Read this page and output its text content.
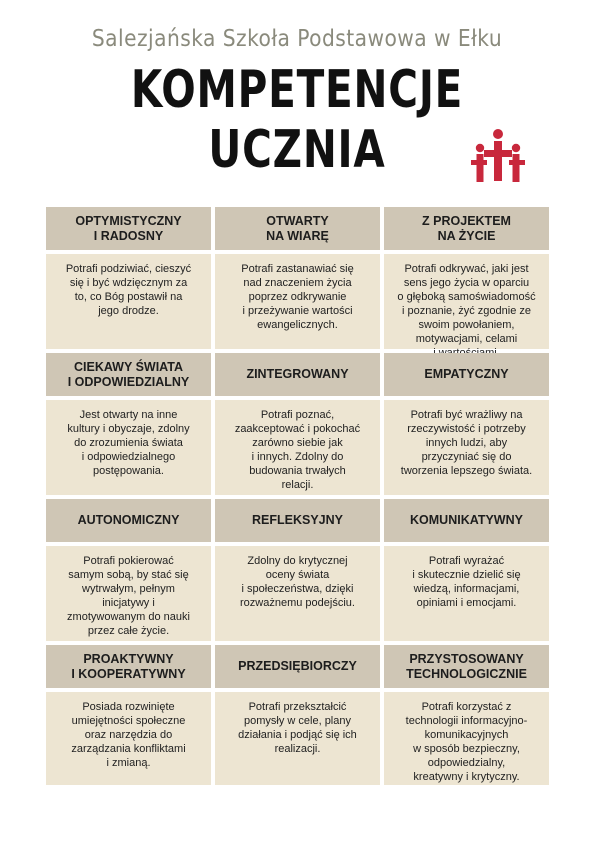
Salezjańska Szkoła Podstawowa w Ełku
KOMPETENCJE UCZNIA
OPTYMISTYCZNY
I RADOSNY
Potrafi podziwiać, cieszyć
się i być wdzięcznym za
to, co Bóg postawił na
jego drodze.
OTWARTY
NA WIARĘ
Potrafi zastanawiać się
nad znaczeniem życia
poprzez odkrywanie
i przeżywanie wartości
ewangelicznych.
Z PROJEKTEM
NA ŻYCIE
Potrafi odkrywać, jaki jest
sens jego życia w oparciu
o głęboką samoświadomość
i poznanie, żyć zgodnie ze
swoim powołaniem,
motywacjami, celami

CIEKAWY ŚWIATA
I ODPOWIEDZIALNY
Jest otwarty na inne
kultury i obyczaje, zdolny
do zrozumienia świata
i odpowiedzialnego
postępowania.
ZINTEGROWANY
Potrafi poznać,
zaakceptować i pokochać
zarówno siebie jak
i innych. Zdolny do
budowania trwałych
relacji.
EMPATYCZNY
Potrafi być wrażliwy na
rzeczywistość i potrzeby
innych ludzi, aby
przyczyniać się do
tworzenia lepszego świata.
AUTONOMICZNY
Potrafi pokierować
samym sobą, by stać się
wytrwałym, pełnym
inicjatywy i
zmotywowanym do nauki
przez całe życie.
REFLEKSYJNY
Zdolny do krytycznej
oceny świata
i społeczeństwa, dzięki
rozważnemu podejściu.
KOMUNIKATYWNY
Potrafi wyrażać
i skutecznie dzielić się
wiedzą, informacjami,
opiniami i emocjami.
PROAKTYWNY
I KOOPERATYWNY
Posiada rozwinięte
umiejętności społeczne
oraz narzędzia do
zarządzania konfliktami
i zmianą.
PRZEDSIĘBIORCZY
Potrafi przekształcić
pomysły w cele, plany
działania i podjąć się ich
realizacji.
PRZYSTOSOWANY
TECHNOLOGICZNIE
Potrafi korzystać z
technologii informacyjno-
komunikacyjnych
w sposób bezpieczny,
odpowiedzialny,
kreatywny i krytyczny.
